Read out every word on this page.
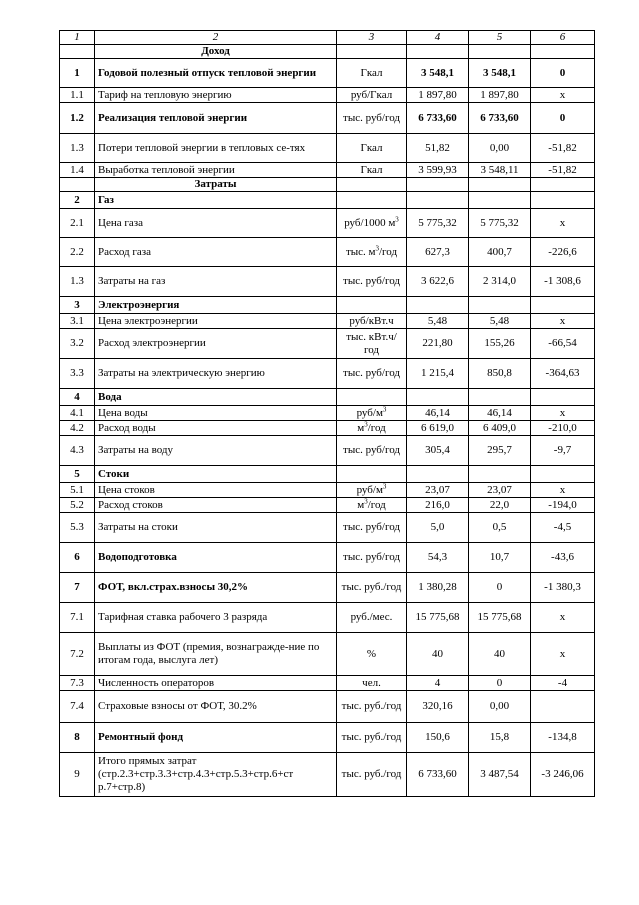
1	2	3	4	5	6
	Доход				
1	Годовой полезный отпуск тепловой энергии	Гкал	3 548,1	3 548,1	0
1.1	Тариф на тепловую энергию	руб/Гкал	1 897,80	1 897,80	х
1.2	Реализация тепловой энергии	тыс. руб/год	6 733,60	6 733,60	0
1.3	Потери тепловой энергии в тепловых се-тях	Гкал	51,82	0,00	-51,82
1.4	Выработка тепловой энергии	Гкал	3 599,93	3 548,11	-51,82
	Затраты				
2	Газ				
2.1	Цена газа	руб/1000 $м^3$	5 775,32	5 775,32	х
2.2	Расход газа	тыс. $м^3$/год	627,3	400,7	-226,6
1.3	Затраты на газ	тыс. руб/год	3 622,6	2 314,0	-1 308,6
3	Электроэнергия				
3.1	Цена электроэнергии	руб/кВт.ч	5,48	5,48	х
3.2	Расход электроэнергии	тыс. кВт.ч/год	221,80	155,26	-66,54
3.3	Затраты на электрическую энергию	тыс. руб/год	1 215,4	850,8	-364,63
4	Вода				
4.1	Цена воды	руб/$м^3$	46,14	46,14	х
4.2	Расход воды	$м^3$/год	6 619,0	6 409,0	-210,0
4.3	Затраты на воду	тыс. руб/год	305,4	295,7	-9,7
5	Стоки				
5.1	Цена стоков	руб/$м^3$	23,07	23,07	х
5.2	Расход стоков	$м^3$/год	216,0	22,0	-194,0
5.3	Затраты на стоки	тыс. руб/год	5,0	0,5	-4,5
6	Водоподготовка	тыс. руб/год	54,3	10,7	-43,6
7	ФОТ, вкл.страх.взносы 30,2%	тыс. руб./год	1 380,28	0	-1 380,3
7.1	Тарифная ставка рабочего 3 разряда	руб./мес.	15 775,68	15 775,68	х
7.2	Выплаты из ФОТ (премия, вознагражде-ние по итогам года, выслуга лет)	%	40	40	х
7.3	Численность операторов	чел.	4	0	-4
7.4	Страховые взносы от ФОТ, 30.2%	тыс. руб./год	320,16	0,00	
8	Ремонтный фонд	тыс. руб./год	150,6	15,8	-134,8
9	Итого прямых затрат (стр.2.3+стр.3.3+стр.4.3+стр.5.3+стр.6+ст р.7+стр.8)	тыс. руб./год	6 733,60	3 487,54	-3 246,06
